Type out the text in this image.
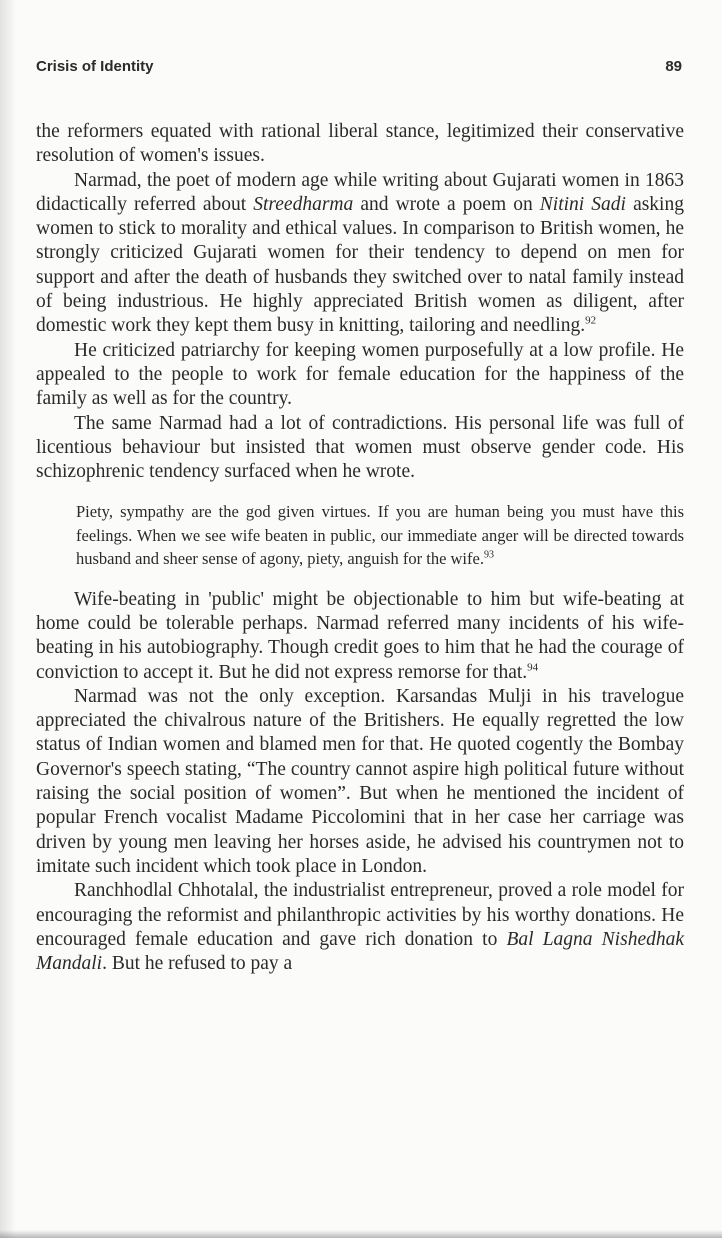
Crisis of Identity	89

the reformers equated with rational liberal stance, legitimized their conservative resolution of women's issues.

Narmad, the poet of modern age while writing about Gujarati women in 1863 didactically referred about Streedharma and wrote a poem on Nitini Sadi asking women to stick to morality and ethical values. In comparison to British women, he strongly criticized Gujarati women for their tendency to depend on men for support and after the death of husbands they switched over to natal family instead of being industrious. He highly appreciated British women as diligent, after domestic work they kept them busy in knitting, tailoring and needling.$^{92}$

He criticized patriarchy for keeping women purposefully at a low profile. He appealed to the people to work for female education for the happiness of the family as well as for the country.

The same Narmad had a lot of contradictions. His personal life was full of licentious behaviour but insisted that women must observe gender code. His schizophrenic tendency surfaced when he wrote.

Piety, sympathy are the god given virtues. If you are human being you must have this feelings. When we see wife beaten in public, our immediate anger will be directed towards husband and sheer sense of agony, piety, anguish for the wife.$^{93}$

Wife-beating in 'public' might be objectionable to him but wife-beating at home could be tolerable perhaps. Narmad referred many incidents of his wife-beating in his autobiography. Though credit goes to him that he had the courage of conviction to accept it. But he did not express remorse for that.$^{94}$

Narmad was not the only exception. Karsandas Mulji in his travelogue appreciated the chivalrous nature of the Britishers. He equally regretted the low status of Indian women and blamed men for that. He quoted cogently the Bombay Governor's speech stating, “The country cannot aspire high political future without raising the social position of women”. But when he mentioned the incident of popular French vocalist Madame Piccolomini that in her case her carriage was driven by young men leaving her horses aside, he advised his countrymen not to imitate such incident which took place in London.

Ranchhodlal Chhotalal, the industrialist entrepreneur, proved a role model for encouraging the reformist and philanthropic activities by his worthy donations. He encouraged female education and gave rich donation to Bal Lagna Nishedhak Mandali. But he refused to pay a
